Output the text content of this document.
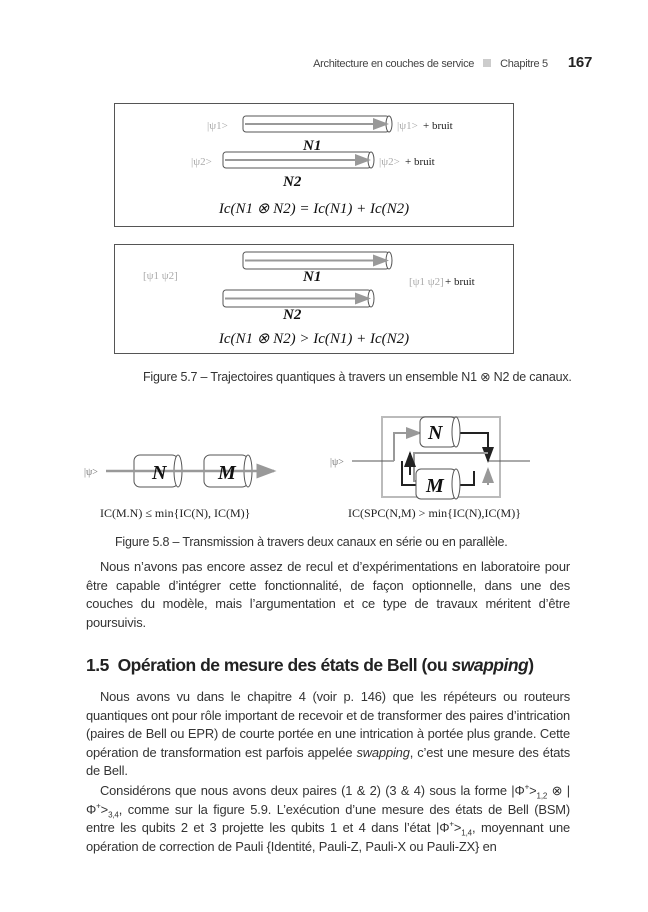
Architecture en couches de service Chapitre 5 167
|ψ1>	|ψ1> + bruit
|ψ2>	|ψ2> + bruit
N1
N2
Ic(N1 ⊗ N2) = Ic(N1) + Ic(N2)
[ψ1 ψ2]	[ψ1 ψ2] + bruit
N1
N2
Ic(N1 ⊗ N2) > Ic(N1) + Ic(N2)
Figure 5.7 – Trajectoires quantiques à travers un ensemble N1 ⊗ N2 de canaux.
|ψ>	N	M
IC(M.N) ≤ min{IC(N), IC(M)}
|ψ>
N
M
IC(SPC(N,M) > min{IC(N),IC(M)}
Figure 5.8 – Transmission à travers deux canaux en série ou en parallèle.

Nous n’avons pas encore assez de recul et d’expérimentations en laboratoire pour être capable d’intégrer cette fonctionnalité, de façon optionnelle, dans une des couches du modèle, mais l’argumentation et ce type de travaux méritent d’être poursuivis.

1.5 Opération de mesure des états de Bell (ou swapping)

Nous avons vu dans le chapitre 4 (voir p. 146) que les répéteurs ou routeurs quantiques ont pour rôle important de recevoir et de transformer des paires d’intrication (paires de Bell ou EPR) de courte portée en une intrication à portée plus grande. Cette opération de transformation est parfois appelée swapping, c’est une mesure des états de Bell.

Considérons que nous avons deux paires (1 & 2) (3 & 4) sous la forme $|\Phi^+>_{1,2}$ ⊗ $|\Phi^+>_{3,4}$, comme sur la figure 5.9. L’exécution d’une mesure des états de Bell (BSM) entre les qubits 2 et 3 projette les qubits 1 et 4 dans l’état $|\Phi^+>_{1,4}$, moyennant une opération de correction de Pauli {Identité, Pauli-Z, Pauli-X ou Pauli-ZX} en
